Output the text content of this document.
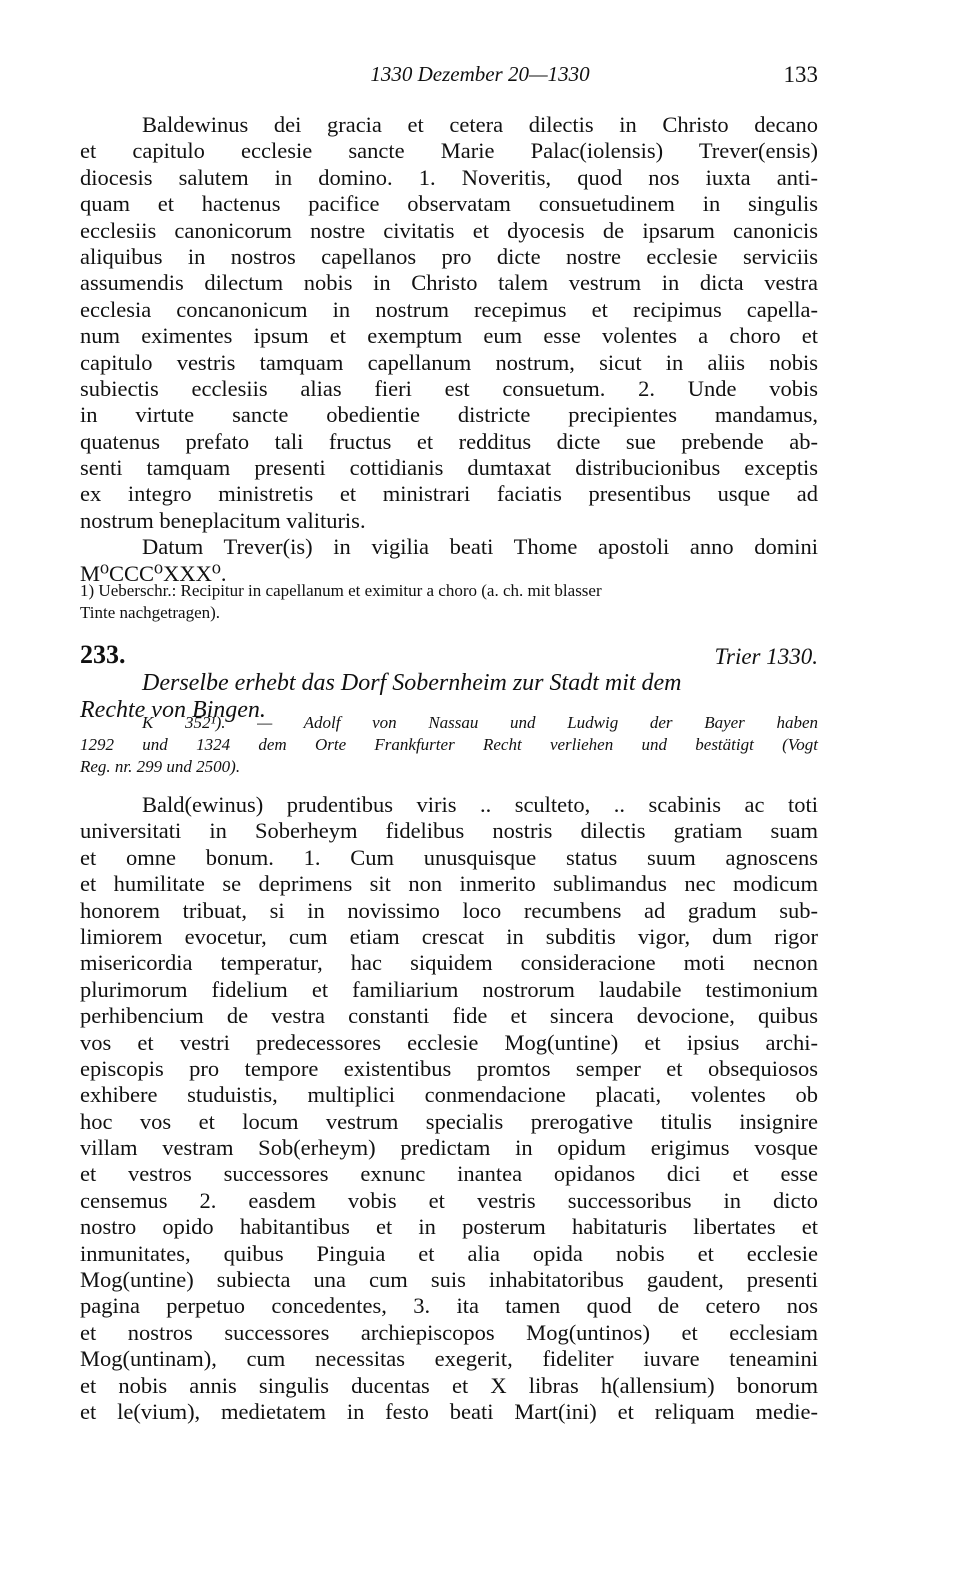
1330 Dezember 20—1330	133
Baldewinus dei gracia et cetera dilectis in Christo decano
et capitulo ecclesie sancte Marie Palac(iolensis) Trever(ensis)
diocesis salutem in domino. 1. Noveritis, quod nos iuxta anti-
quam et hactenus pacifice observatam consuetudinem in singulis
ecclesiis canonicorum nostre civitatis et dyocesis de ipsarum canonicis
aliquibus in nostros capellanos pro dicte nostre ecclesie serviciis
assumendis dilectum nobis in Christo talem vestrum in dicta vestra
ecclesia concanonicum in nostrum recepimus et recipimus capella-
num eximentes ipsum et exemptum eum esse volentes a choro et
capitulo vestris tamquam capellanum nostrum, sicut in aliis nobis
subiectis ecclesiis alias fieri est consuetum. 2. Unde vobis
in virtute sancte obedientie districte precipientes mandamus,
quatenus prefato tali fructus et redditus dicte sue prebende ab-
senti tamquam presenti cottidianis dumtaxat distribucionibus exceptis
ex integro ministretis et ministrari faciatis presentibus usque ad
nostrum beneplacitum valituris.
Datum Trever(is) in vigilia beati Thome apostoli anno domini
M⁰CCC⁰XXX⁰.
1) Ueberschr.: Recipitur in capellanum et eximitur a choro (a. ch. mit blasser
Tinte nachgetragen).
233.	Trier 1330.
Derselbe erhebt das Dorf Sobernheim zur Stadt mit dem
Rechte von Bingen.
K 352¹). — Adolf von Nassau und Ludwig der Bayer haben
1292 und 1324 dem Orte Frankfurter Recht verliehen und bestätigt (Vogt
Reg. nr. 299 und 2500).
Bald(ewinus) prudentibus viris .. sculteto, .. scabinis ac toti
universitati in Soberheym fidelibus nostris dilectis gratiam suam
et omne bonum. 1. Cum unusquisque status suum agnoscens
et humilitate se deprimens sit non inmerito sublimandus nec modicum
honorem tribuat, si in novissimo loco recumbens ad gradum sub-
limiorem evocetur, cum etiam crescat in subditis vigor, dum rigor
misericordia temperatur, hac siquidem consideracione moti necnon
plurimorum fidelium et familiarium nostrorum laudabile testimonium
perhibencium de vestra constanti fide et sincera devocione, quibus
vos et vestri predecessores ecclesie Mog(untine) et ipsius archi-
episcopis pro tempore existentibus promtos semper et obsequiosos
exhibere studuistis, multiplici conmendacione placati, volentes ob
hoc vos et locum vestrum specialis prerogative titulis insignire
villam vestram Sob(erheym) predictam in opidum erigimus vosque
et vestros successores exnunc inantea opidanos dici et esse
censemus 2. easdem vobis et vestris successoribus in dicto
nostro opido habitantibus et in posterum habitaturis libertates et
inmunitates, quibus Pinguia et alia opida nobis et ecclesie
Mog(untine) subiecta una cum suis inhabitatoribus gaudent, presenti
pagina perpetuo concedentes, 3. ita tamen quod de cetero nos
et nostros successores archiepiscopos Mog(untinos) et ecclesiam
Mog(untinam), cum necessitas exegerit, fideliter iuvare teneamini
et nobis annis singulis ducentas et X libras h(allensium) bonorum
et le(vium), medietatem in festo beati Mart(ini) et reliquam medie-
